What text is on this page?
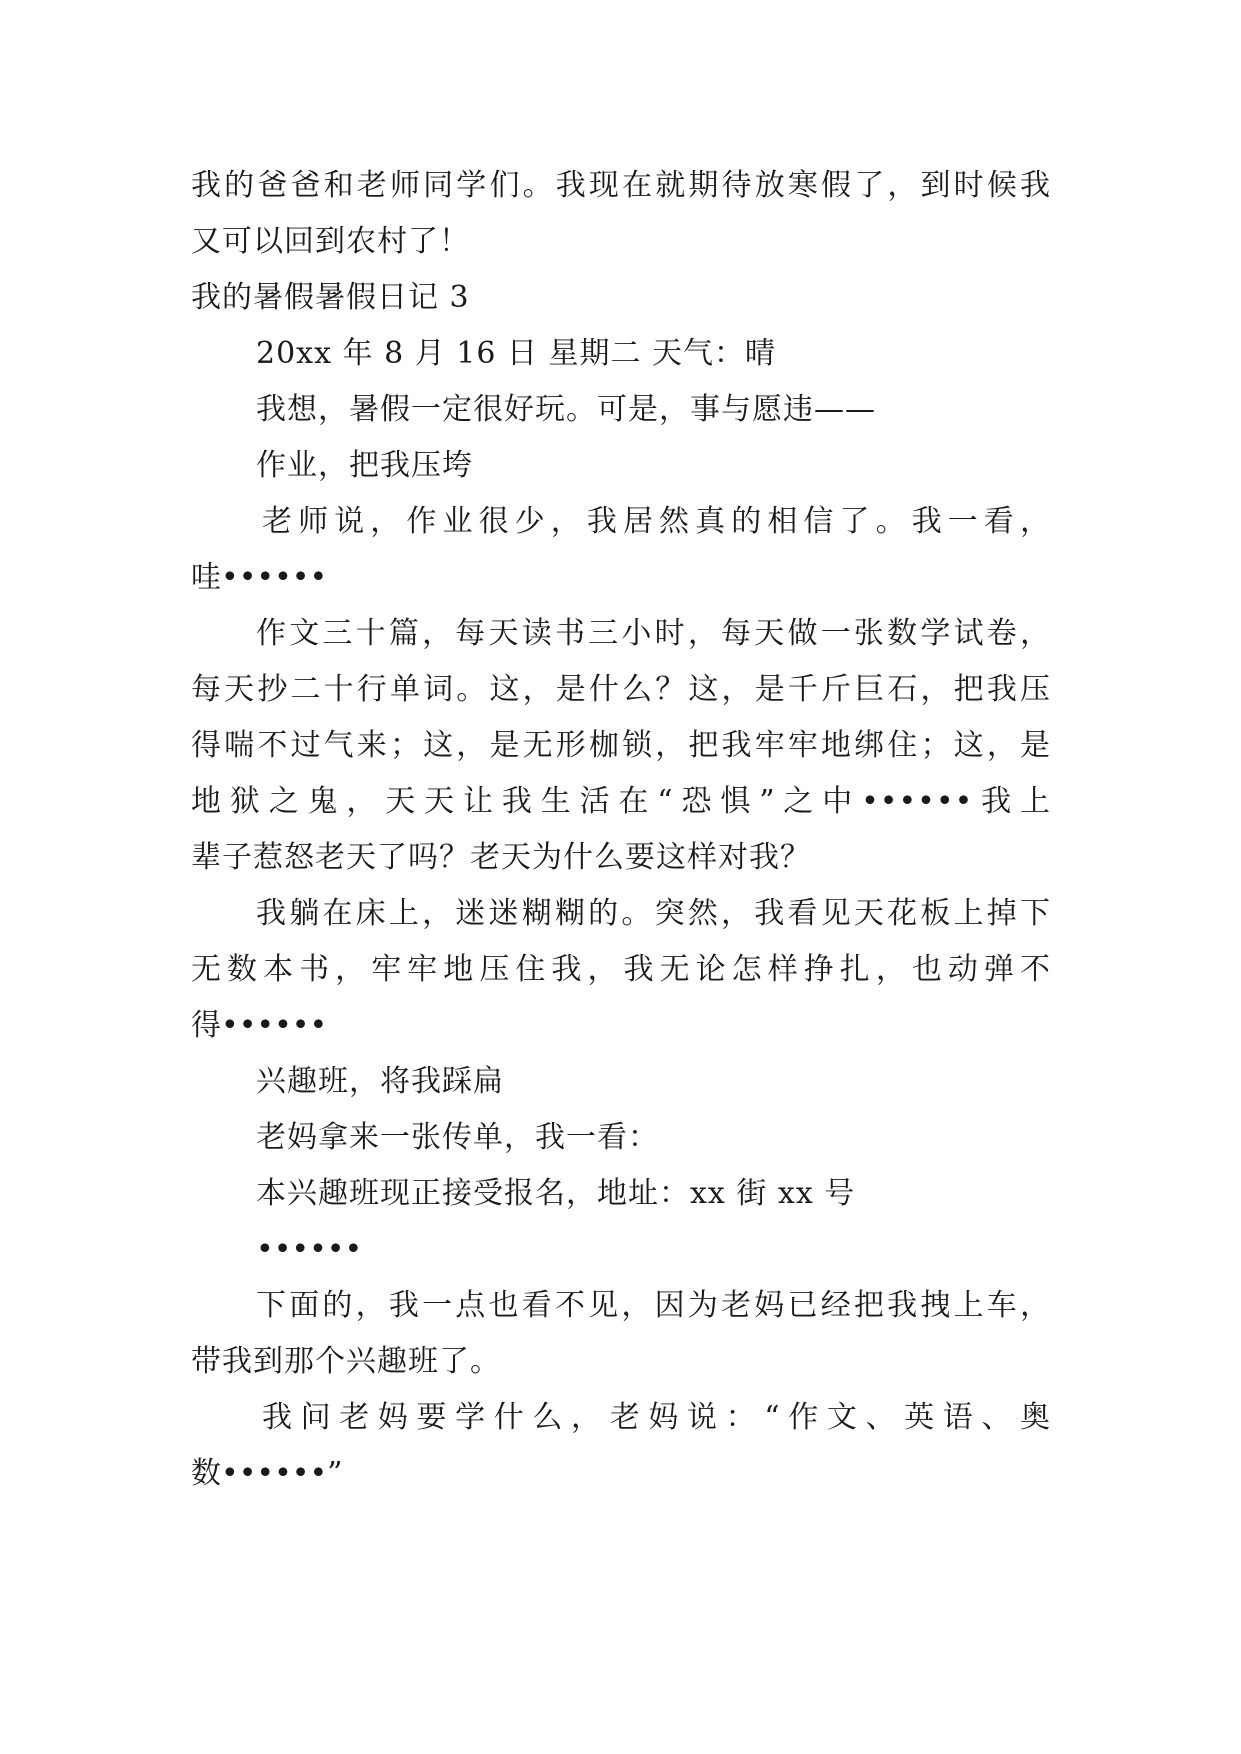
我的爸爸和老师同学们。我现在就期待放寒假了，到时候我
又可以回到农村了！
我的暑假暑假日记 3
20xx 年 8 月 16 日 星期二 天气：晴
我想，暑假一定很好玩。可是，事与愿违——
作业，把我压垮
老师说，作业很少，我居然真的相信了。我一看，
哇••••••
作文三十篇，每天读书三小时，每天做一张数学试卷，
每天抄二十行单词。这，是什么？这，是千斤巨石，把我压
得喘不过气来；这，是无形枷锁，把我牢牢地绑住；这，是
地狱之鬼，天天让我生活在“恐惧”之中••••••我上
辈子惹怒老天了吗？老天为什么要这样对我？
我躺在床上，迷迷糊糊的。突然，我看见天花板上掉下
无数本书，牢牢地压住我，我无论怎样挣扎，也动弹不
得••••••
兴趣班，将我踩扁
老妈拿来一张传单，我一看：
本兴趣班现正接受报名，地址：xx 街 xx 号
••••••
下面的，我一点也看不见，因为老妈已经把我拽上车，
带我到那个兴趣班了。
我问老妈要学什么，老妈说：“作文、英语、奥
数••••••”
